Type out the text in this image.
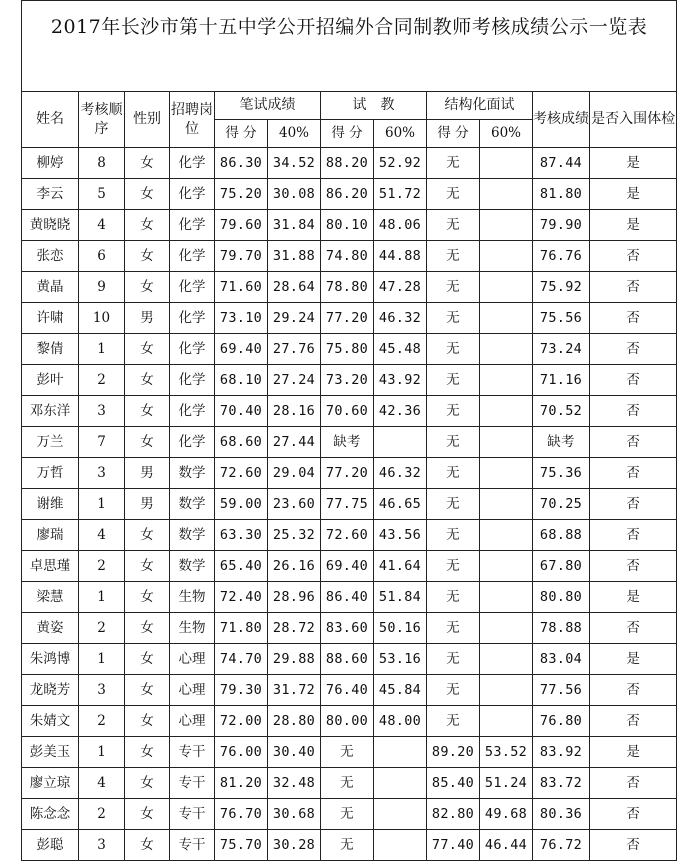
2017年长沙市第十五中学公开招编外合同制教师考核成绩公示一览表											
姓名	考核顺序	性别	招聘岗位	笔试成绩		试　教		结构化面试		考核成绩	是否入围体检
				得 分	40%	得 分	60%	得 分	60%		
柳婷	8	女	化学	86.30	34.52	88.20	52.92	无		87.44	是
李云	5	女	化学	75.20	30.08	86.20	51.72	无		81.80	是
黄晓晓	4	女	化学	79.60	31.84	80.10	48.06	无		79.90	是
张恋	6	女	化学	79.70	31.88	74.80	44.88	无		76.76	否
黄晶	9	女	化学	71.60	28.64	78.80	47.28	无		75.92	否
许啸	10	男	化学	73.10	29.24	77.20	46.32	无		75.56	否
黎倩	1	女	化学	69.40	27.76	75.80	45.48	无		73.24	否
彭叶	2	女	化学	68.10	27.24	73.20	43.92	无		71.16	否
邓东洋	3	女	化学	70.40	28.16	70.60	42.36	无		70.52	否
万兰	7	女	化学	68.60	27.44	缺考		无		缺考	否
万哲	3	男	数学	72.60	29.04	77.20	46.32	无		75.36	否
谢维	1	男	数学	59.00	23.60	77.75	46.65	无		70.25	否
廖瑞	4	女	数学	63.30	25.32	72.60	43.56	无		68.88	否
卓思瑾	2	女	数学	65.40	26.16	69.40	41.64	无		67.80	否
梁慧	1	女	生物	72.40	28.96	86.40	51.84	无		80.80	是
黄姿	2	女	生物	71.80	28.72	83.60	50.16	无		78.88	否
朱鸿博	1	女	心理	74.70	29.88	88.60	53.16	无		83.04	是
龙晓芳	3	女	心理	79.30	31.72	76.40	45.84	无		77.56	否
朱婧文	2	女	心理	72.00	28.80	80.00	48.00	无		76.80	否
彭美玉	1	女	专干	76.00	30.40	无		89.20	53.52	83.92	是
廖立琼	4	女	专干	81.20	32.48	无		85.40	51.24	83.72	否
陈念念	2	女	专干	76.70	30.68	无		82.80	49.68	80.36	否
彭聪	3	女	专干	75.70	30.28	无		77.40	46.44	76.72	否
